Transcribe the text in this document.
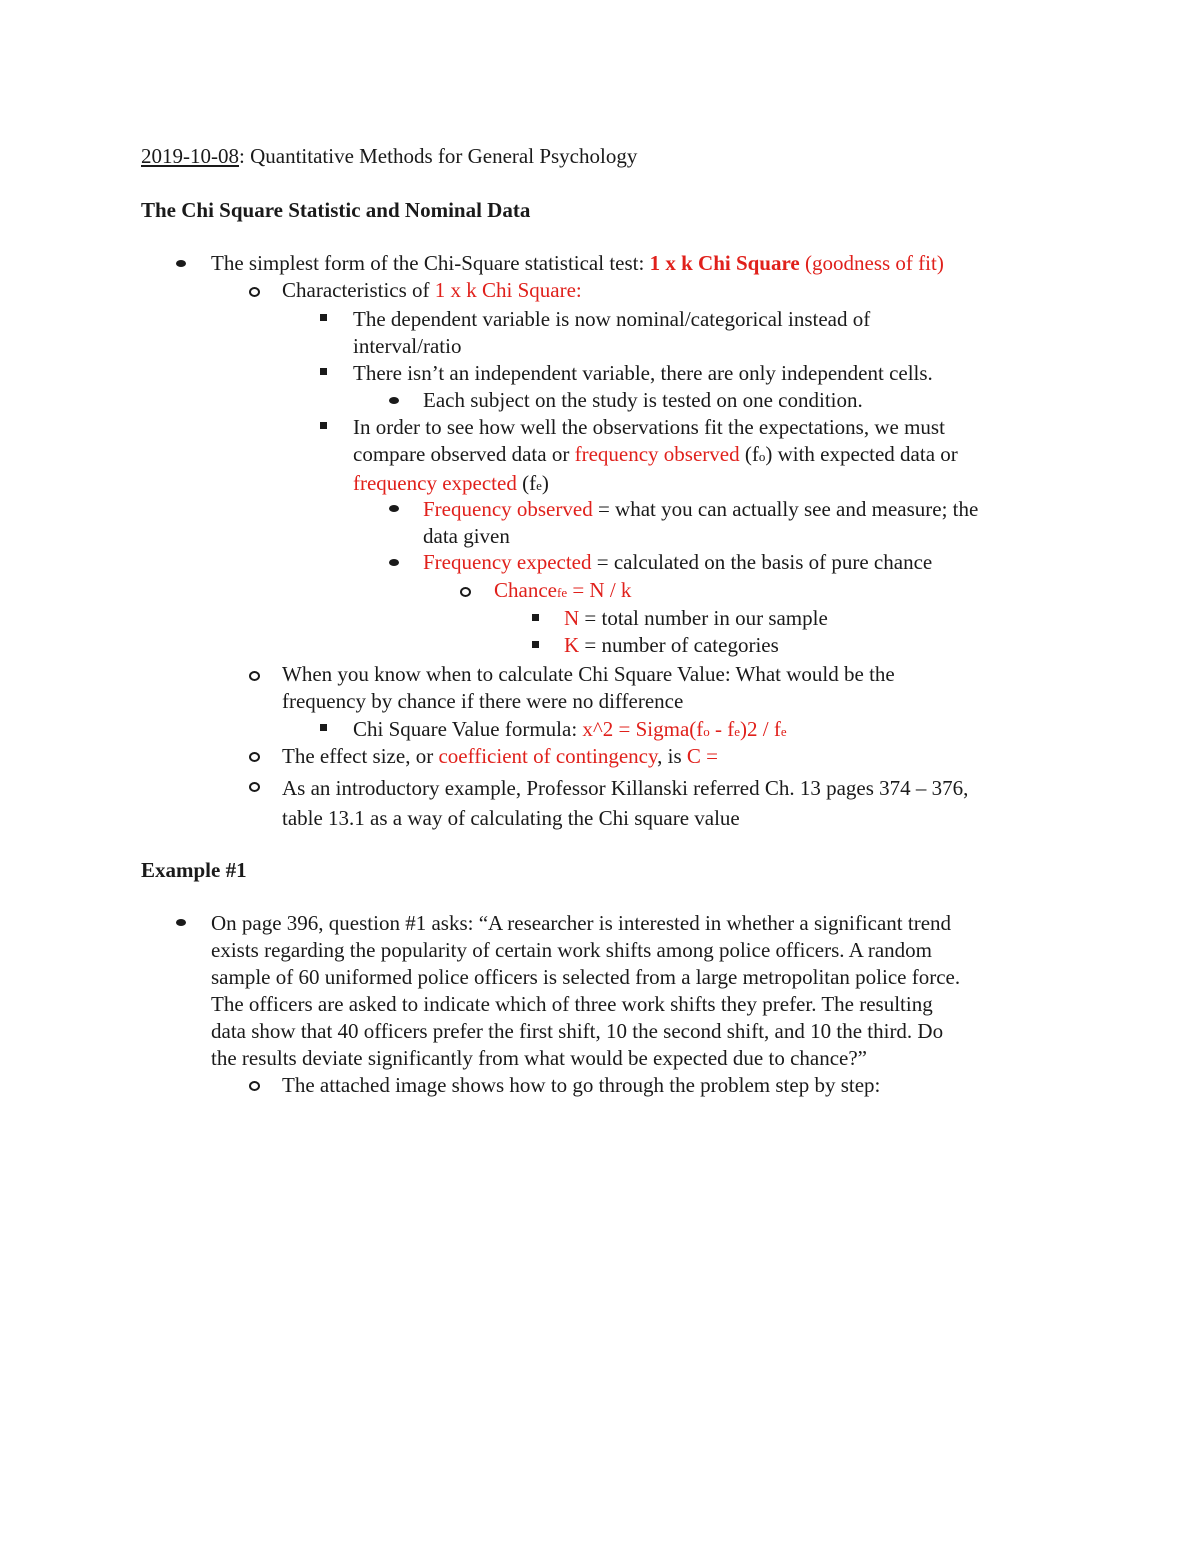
2019-10-08: Quantitative Methods for General Psychology
The Chi Square Statistic and Nominal Data
The simplest form of the Chi-Square statistical test: 1 x k Chi Square (goodness of fit)
Characteristics of 1 x k Chi Square:
The dependent variable is now nominal/categorical instead of
interval/ratio
There isn’t an independent variable, there are only independent cells.
Each subject on the study is tested on one condition.
In order to see how well the observations fit the expectations, we must
compare observed data or frequency observed (fo) with expected data or
frequency expected (fe)
Frequency observed = what you can actually see and measure; the
data given
Frequency expected = calculated on the basis of pure chance
Chancefe = N / k
N = total number in our sample
K = number of categories
When you know when to calculate Chi Square Value: What would be the
frequency by chance if there were no difference
Chi Square Value formula: x^2 = Sigma(fo - fe)2 / fe
The effect size, or coefficient of contingency, is C =
As an introductory example, Professor Killanski referred Ch. 13 pages 374 – 376,
table 13.1 as a way of calculating the Chi square value
Example #1
On page 396, question #1 asks: “A researcher is interested in whether a significant trend
exists regarding the popularity of certain work shifts among police officers. A random
sample of 60 uniformed police officers is selected from a large metropolitan police force.
The officers are asked to indicate which of three work shifts they prefer. The resulting
data show that 40 officers prefer the first shift, 10 the second shift, and 10 the third. Do
the results deviate significantly from what would be expected due to chance?”
The attached image shows how to go through the problem step by step:
